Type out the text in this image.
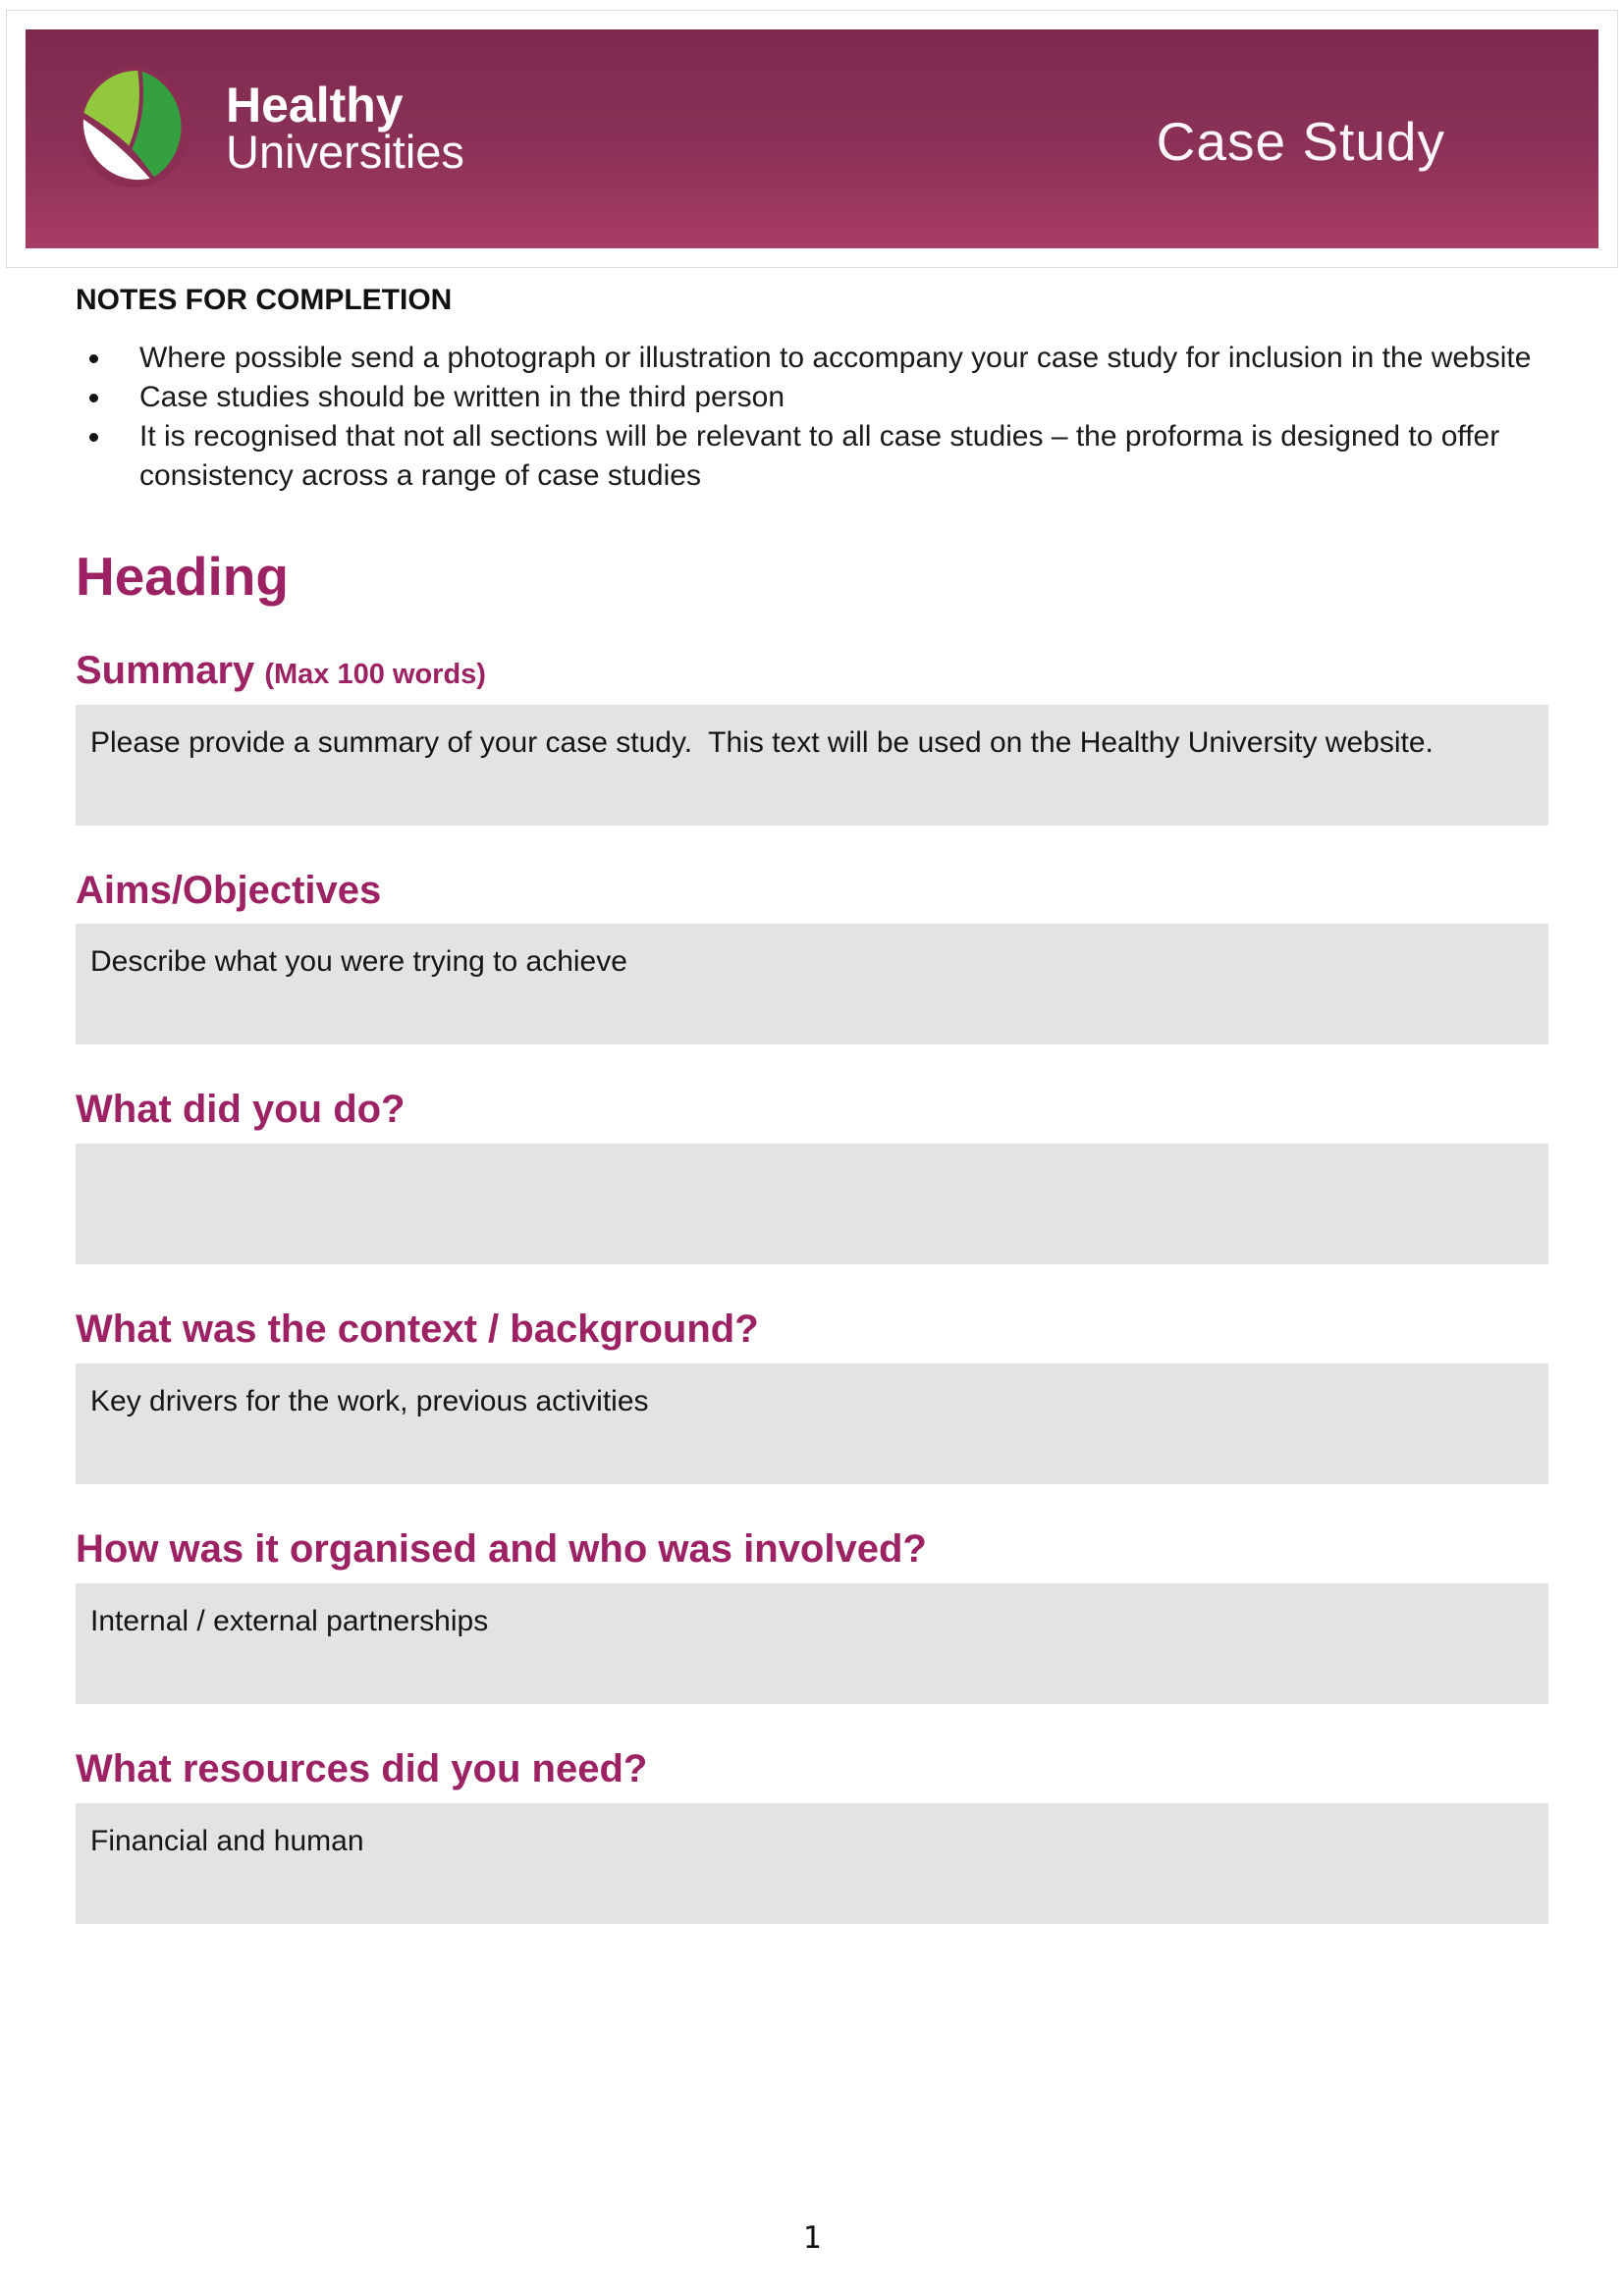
Healthy
Universities	Case Study
NOTES FOR COMPLETION
Where possible send a photograph or illustration to accompany your case study for inclusion in the website
Case studies should be written in the third person
It is recognised that not all sections will be relevant to all case studies – the proforma is designed to offer consistency across a range of case studies
Heading
Summary (Max 100 words)
Please provide a summary of your case study.  This text will be used on the Healthy University website.
Aims/Objectives
Describe what you were trying to achieve
What did you do?
What was the context / background?
Key drivers for the work, previous activities
How was it organised and who was involved?
Internal / external partnerships
What resources did you need?
Financial and human
1
